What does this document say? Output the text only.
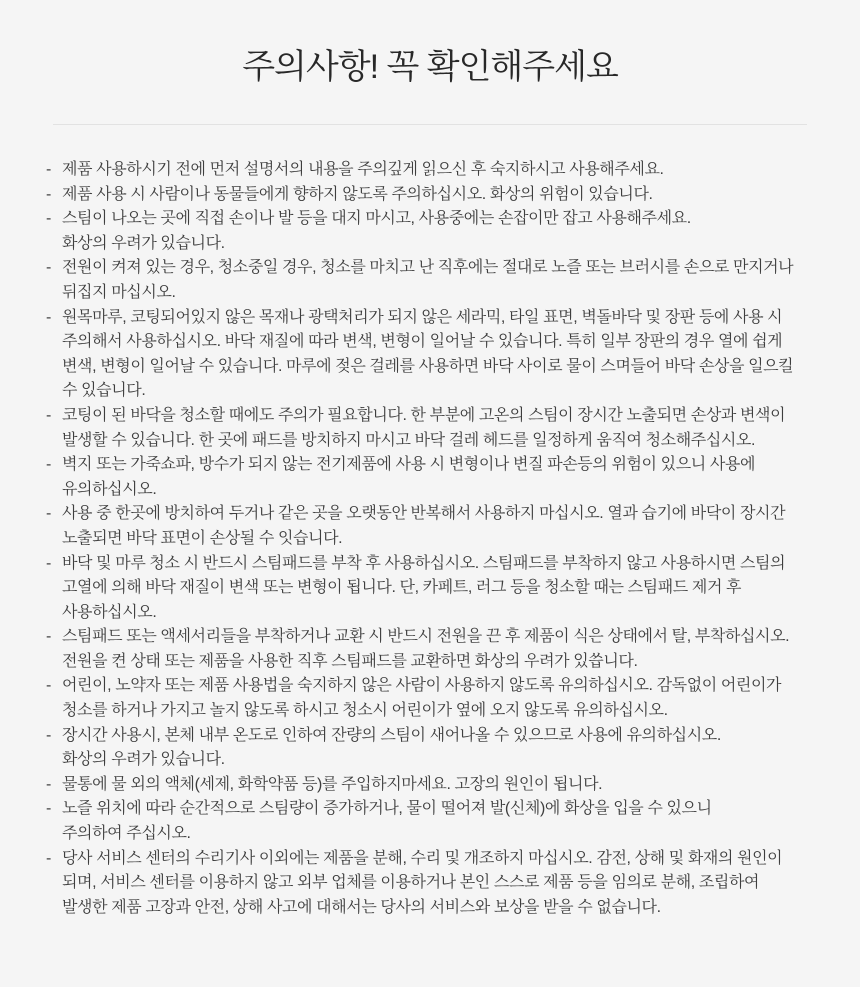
주의사항! 꼭 확인해주세요
- 제품 사용하시기 전에 먼저 설명서의 내용을 주의깊게 읽으신 후 숙지하시고 사용해주세요.
- 제품 사용 시 사람이나 동물들에게 향하지 않도록 주의하십시오. 화상의 위험이 있습니다.
- 스팀이 나오는 곳에 직접 손이나 발 등을 대지 마시고, 사용중에는 손잡이만 잡고 사용해주세요.
화상의 우려가 있습니다.
- 전원이 켜져 있는 경우, 청소중일 경우, 청소를 마치고 난 직후에는 절대로 노즐 또는 브러시를 손으로 만지거나
뒤집지 마십시오.
- 원목마루, 코팅되어있지 않은 목재나 광택처리가 되지 않은 세라믹, 타일 표면, 벽돌바닥 및 장판 등에 사용 시
주의해서 사용하십시오. 바닥 재질에 따라 변색, 변형이 일어날 수 있습니다. 특히 일부 장판의 경우 열에 쉽게
변색, 변형이 일어날 수 있습니다. 마루에 젖은 걸레를 사용하면 바닥 사이로 물이 스며들어 바닥 손상을 일으킬
수 있습니다.
- 코팅이 된 바닥을 청소할 때에도 주의가 필요합니다. 한 부분에 고온의 스팀이 장시간 노출되면 손상과 변색이
발생할 수 있습니다. 한 곳에 패드를 방치하지 마시고 바닥 걸레 헤드를 일정하게 움직여 청소해주십시오.
- 벽지 또는 가죽쇼파, 방수가 되지 않는 전기제품에 사용 시 변형이나 변질 파손등의 위험이 있으니 사용에
유의하십시오.
- 사용 중 한곳에 방치하여 두거나 같은 곳을 오랫동안 반복해서 사용하지 마십시오. 열과 습기에 바닥이 장시간
노출되면 바닥 표면이 손상될 수 잇습니다.
- 바닥 및 마루 청소 시 반드시 스팀패드를 부착 후 사용하십시오. 스팀패드를 부착하지 않고 사용하시면 스팀의
고열에 의해 바닥 재질이 변색 또는 변형이 됩니다. 단, 카페트, 러그 등을 청소할 때는 스팀패드 제거 후
사용하십시오.
- 스팀패드 또는 액세서리들을 부착하거나 교환 시 반드시 전원을 끈 후 제품이 식은 상태에서 탈, 부착하십시오.
전원을 켠 상태 또는 제품을 사용한 직후 스팀패드를 교환하면 화상의 우려가 있씁니다.
- 어린이, 노약자 또는 제품 사용법을 숙지하지 않은 사람이 사용하지 않도록 유의하십시오. 감독없이 어린이가
청소를 하거나 가지고 놀지 않도록 하시고 청소시 어린이가 옆에 오지 않도록 유의하십시오.
- 장시간 사용시, 본체 내부 온도로 인하여 잔량의 스팀이 새어나올 수 있으므로 사용에 유의하십시오.
화상의 우려가 있습니다.
- 물통에 물 외의 액체(세제, 화학약품 등)를 주입하지마세요. 고장의 원인이 됩니다.
- 노즐 위치에 따라 순간적으로 스팀량이 증가하거나, 물이 떨어져 발(신체)에 화상을 입을 수 있으니
주의하여 주십시오.
- 당사 서비스 센터의 수리기사 이외에는 제품을 분해, 수리 및 개조하지 마십시오. 감전, 상해 및 화재의 원인이
되며, 서비스 센터를 이용하지 않고 외부 업체를 이용하거나 본인 스스로 제품 등을 임의로 분해, 조립하여
발생한 제품 고장과 안전, 상해 사고에 대해서는 당사의 서비스와 보상을 받을 수 없습니다.
